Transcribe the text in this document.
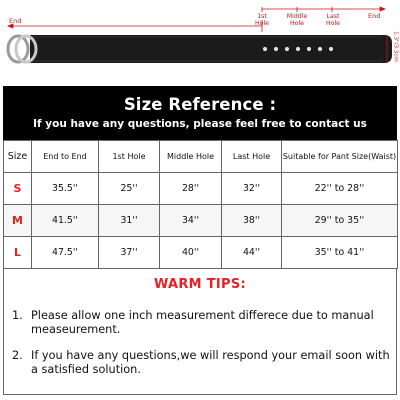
End
1st
Hole
Middle
Hole
Last
Hole
End
1.3"/3.3cm
Size Reference :
If you have any questions, please feel free to contact us
Size	End to End	1st Hole	Middle Hole	Last Hole	Suitable for Pant Size(Waist)
S	35.5''	25''	28''	32''	22'' to 28''
M	41.5''	31''	34''	38''	29'' to 35''
L	47.5''	37''	40''	44''	35'' to 41''
WARM TIPS:
1. Please allow one inch measurement differece due to manual measeurement.
2. If you have any questions,we will respond your email soon with a satisfied solution.
